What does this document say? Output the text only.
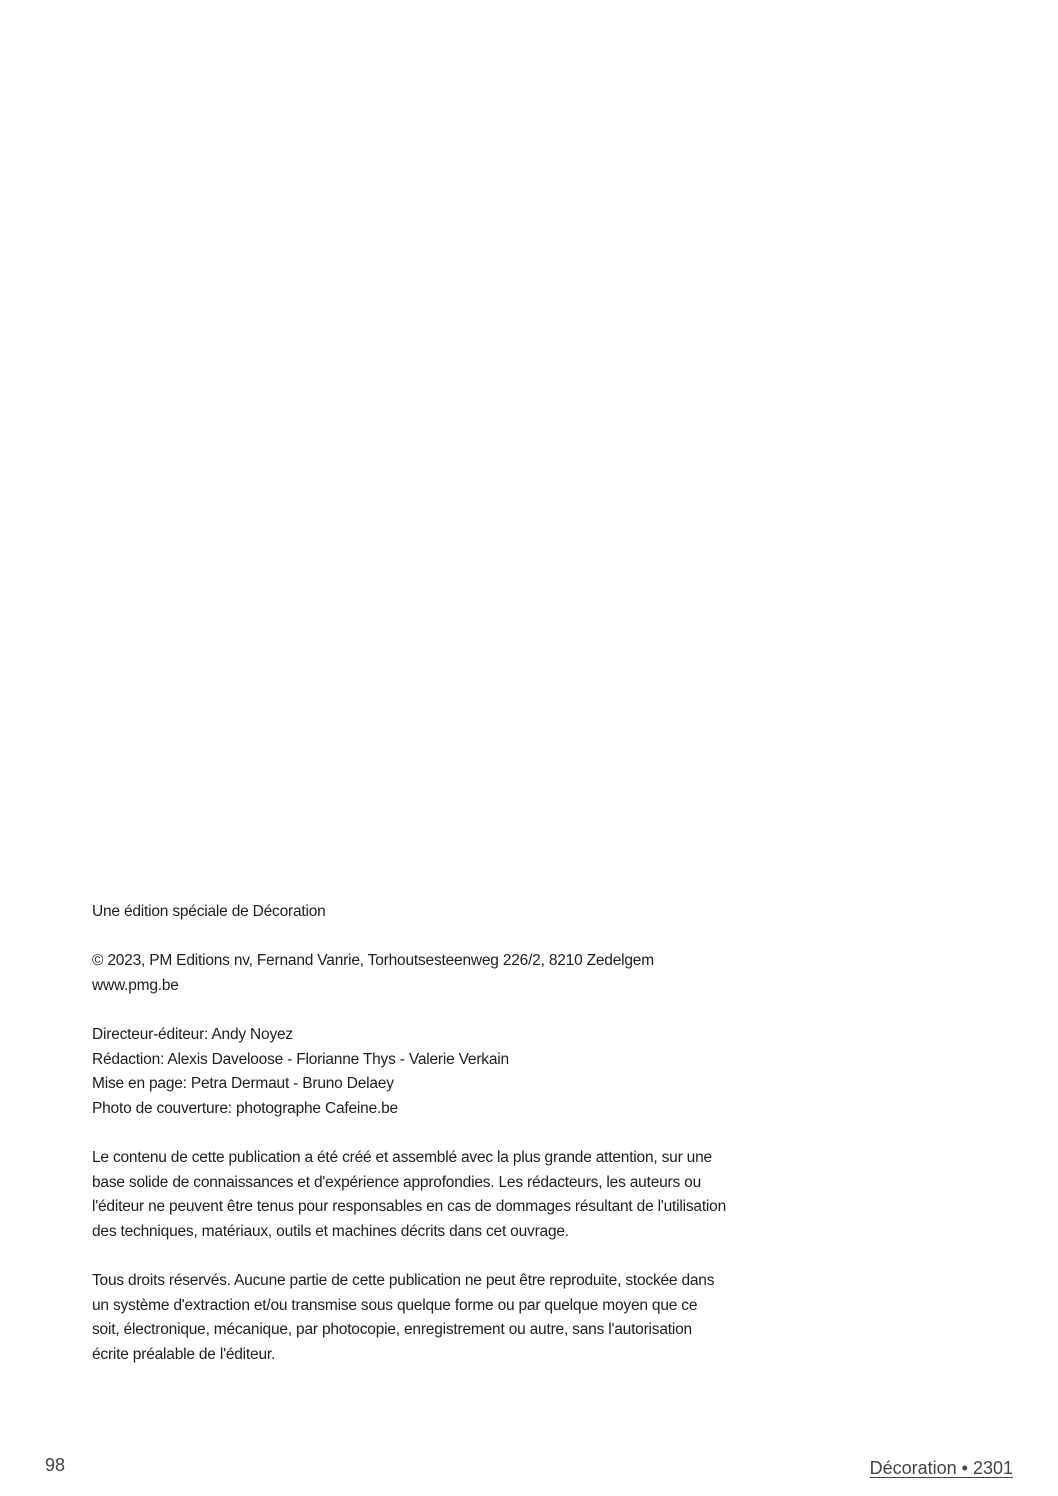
Une édition spéciale de Décoration

© 2023, PM Editions nv, Fernand Vanrie, Torhoutsesteenweg 226/2, 8210 Zedelgem
www.pmg.be

Directeur-éditeur: Andy Noyez
Rédaction: Alexis Daveloose - Florianne Thys - Valerie Verkain
Mise en page: Petra Dermaut - Bruno Delaey
Photo de couverture: photographe Cafeine.be

Le contenu de cette publication a été créé et assemblé avec la plus grande attention, sur une
base solide de connaissances et d'expérience approfondies. Les rédacteurs, les auteurs ou
l'éditeur ne peuvent être tenus pour responsables en cas de dommages résultant de l'utilisation
des techniques, matériaux, outils et machines décrits dans cet ouvrage.

Tous droits réservés. Aucune partie de cette publication ne peut être reproduite, stockée dans
un système d'extraction et/ou transmise sous quelque forme ou par quelque moyen que ce
soit, électronique, mécanique, par photocopie, enregistrement ou autre, sans l'autorisation
écrite préalable de l'éditeur.

98	Décoration • 2301
